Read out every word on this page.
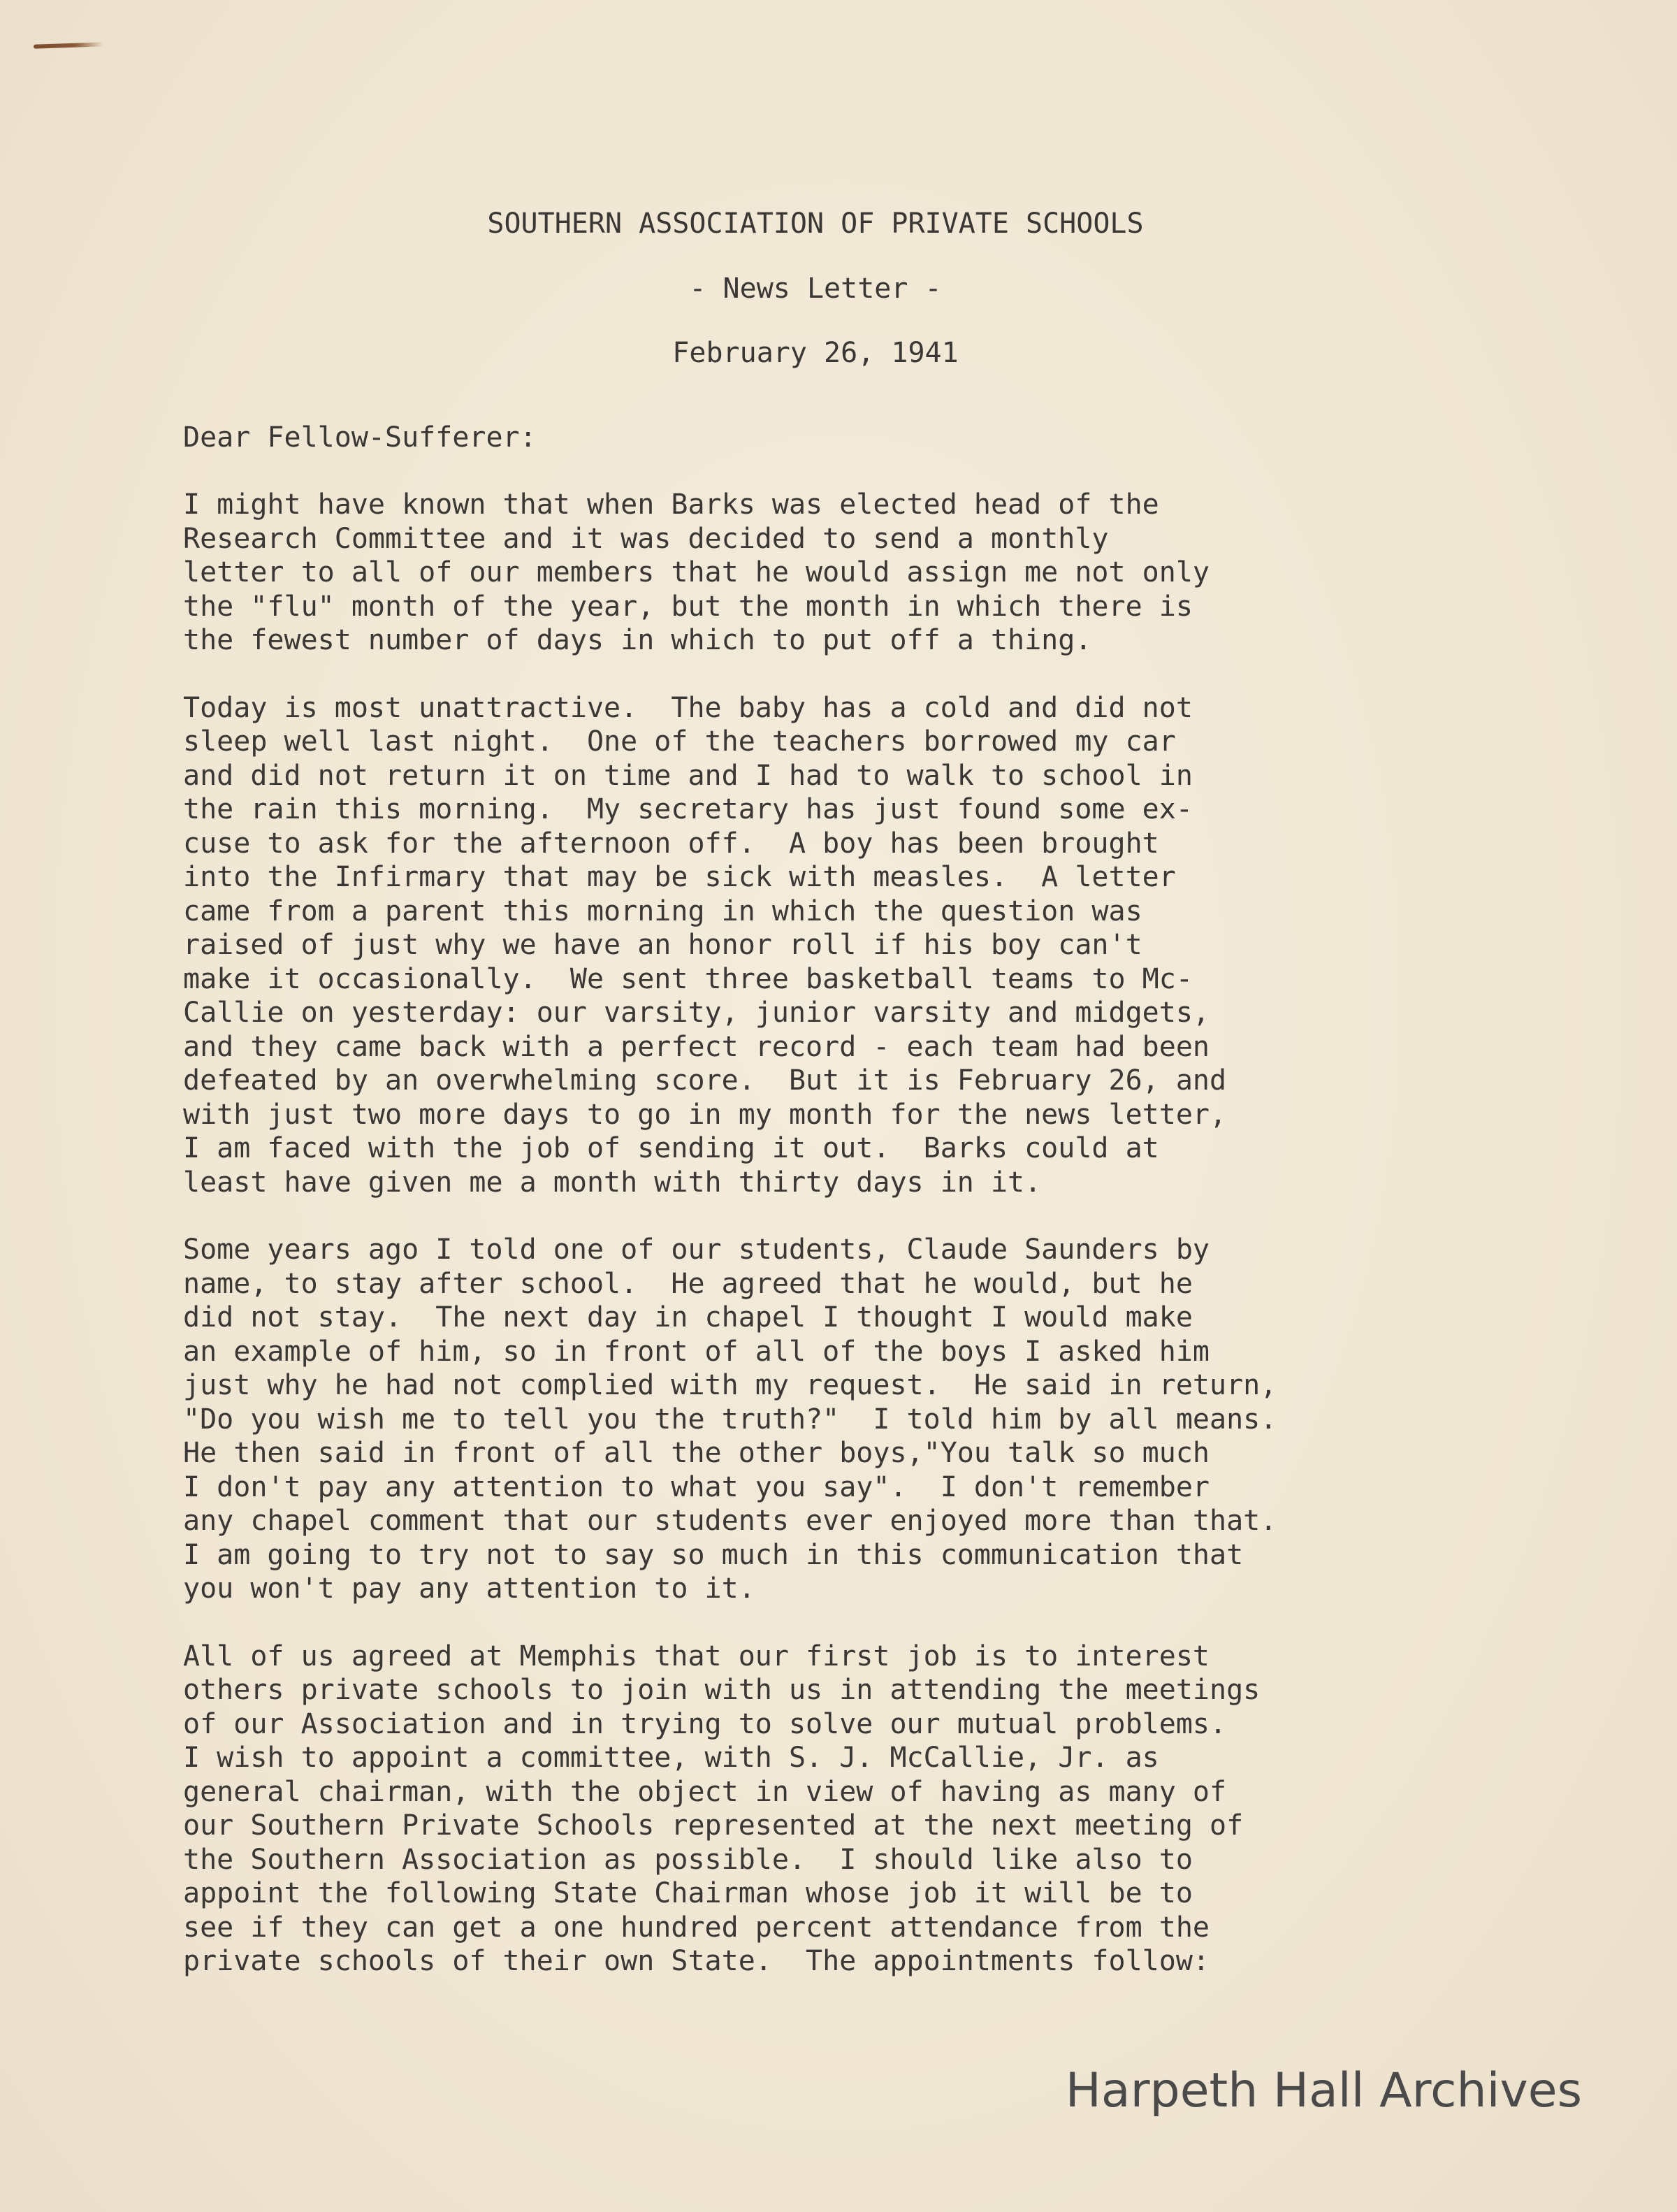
SOUTHERN ASSOCIATION OF PRIVATE SCHOOLS
- News Letter -
February 26, 1941
Dear Fellow-Sufferer:
I might have known that when Barks was elected head of the
Research Committee and it was decided to send a monthly
letter to all of our members that he would assign me not only
the "flu" month of the year, but the month in which there is
the fewest number of days in which to put off a thing.
Today is most unattractive.  The baby has a cold and did not
sleep well last night.  One of the teachers borrowed my car
and did not return it on time and I had to walk to school in
the rain this morning.  My secretary has just found some ex-
cuse to ask for the afternoon off.  A boy has been brought
into the Infirmary that may be sick with measles.  A letter
came from a parent this morning in which the question was
raised of just why we have an honor roll if his boy can't
make it occasionally.  We sent three basketball teams to Mc-
Callie on yesterday: our varsity, junior varsity and midgets,
and they came back with a perfect record - each team had been
defeated by an overwhelming score.  But it is February 26, and
with just two more days to go in my month for the news letter,
I am faced with the job of sending it out.  Barks could at
least have given me a month with thirty days in it.
Some years ago I told one of our students, Claude Saunders by
name, to stay after school.  He agreed that he would, but he
did not stay.  The next day in chapel I thought I would make
an example of him, so in front of all of the boys I asked him
just why he had not complied with my request.  He said in return,
"Do you wish me to tell you the truth?"  I told him by all means.
He then said in front of all the other boys,"You talk so much
I don't pay any attention to what you say".  I don't remember
any chapel comment that our students ever enjoyed more than that.
I am going to try not to say so much in this communication that
you won't pay any attention to it.
All of us agreed at Memphis that our first job is to interest
others private schools to join with us in attending the meetings
of our Association and in trying to solve our mutual problems.
I wish to appoint a committee, with S. J. McCallie, Jr. as
general chairman, with the object in view of having as many of
our Southern Private Schools represented at the next meeting of
the Southern Association as possible.  I should like also to
appoint the following State Chairman whose job it will be to
see if they can get a one hundred percent attendance from the
private schools of their own State.  The appointments follow:
Harpeth Hall Archives
